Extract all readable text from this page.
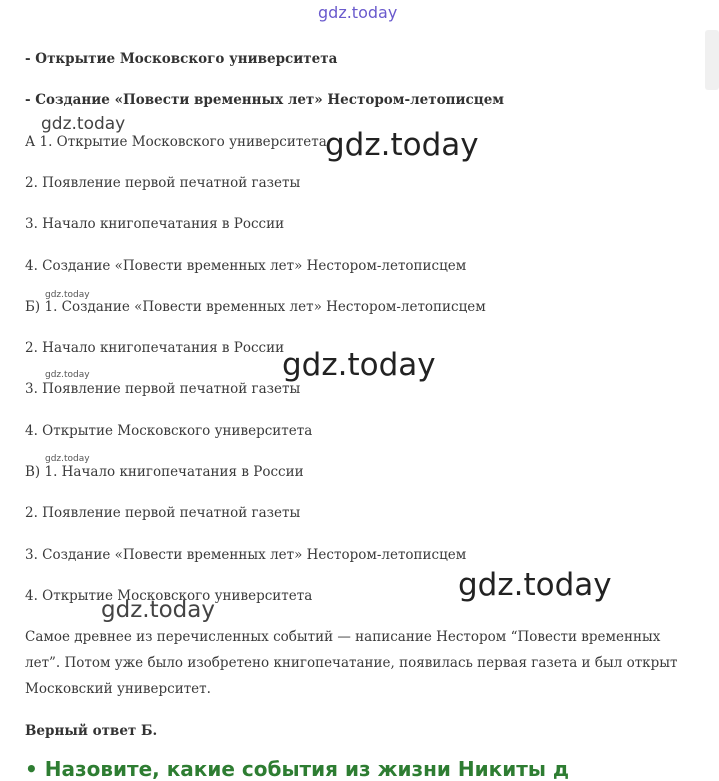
gdz.today
- Открытие Московского университета
- Создание «Повести временных лет» Нестором-летописцем
gdz.today
А 1. Открытие Московского университета
gdz.today
2. Появление первой печатной газеты
3. Начало книгопечатания в России
4. Создание «Повести временных лет» Нестором-летописцем
gdz.today
Б) 1. Создание «Повести временных лет» Нестором-летописцем
2. Начало книгопечатания в России
gdz.today
gdz.today
3. Появление первой печатной газеты
4. Открытие Московского университета
gdz.today
В) 1. Начало книгопечатания в России
2. Появление первой печатной газеты
3. Создание «Повести временных лет» Нестором-летописцем
gdz.today
4. Открытие Московского университета
gdz.today
Самое древнее из перечисленных событий — написание Нестором “Повести временных лет”. Потом уже было изобретено книгопечатание, появилась первая газета и был открыт Московский университет.
Верный ответ Б.
• Назовите, какие события из жизни Никиты д
